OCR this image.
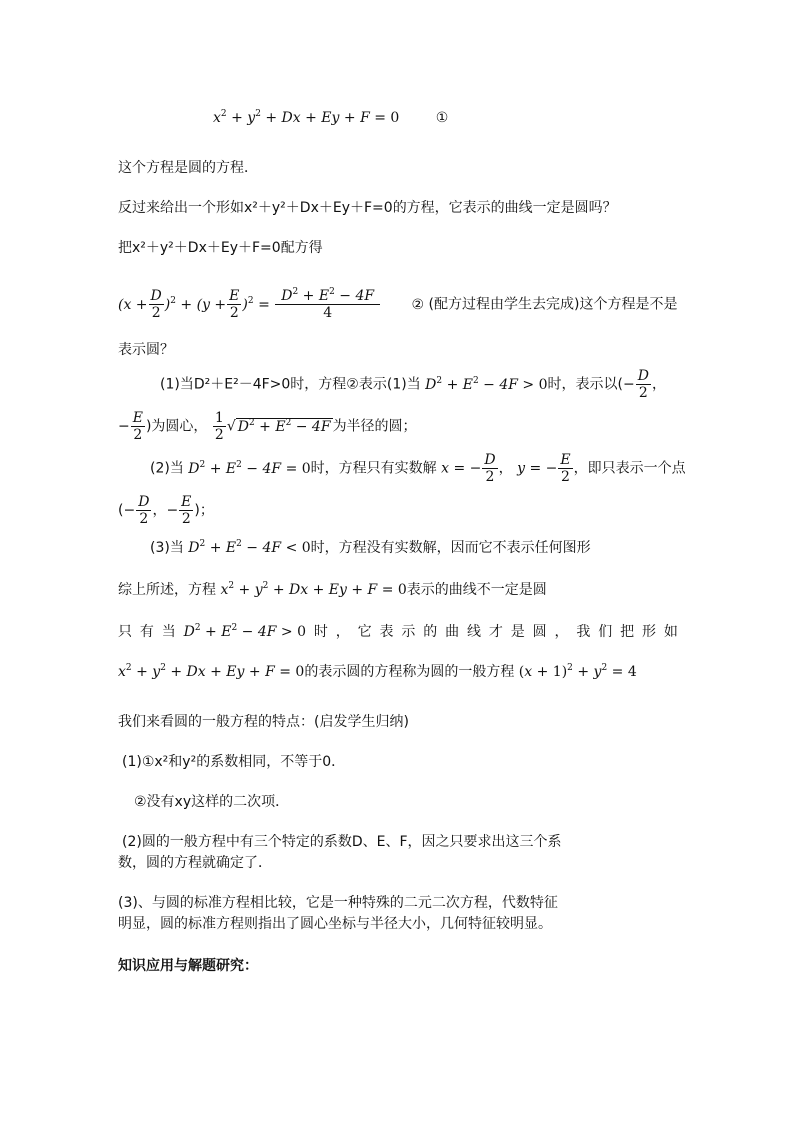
$x^2 + y^2 + Dx + Ey + F = 0$	①
这个方程是圆的方程．
反过来给出一个形如x²＋y²＋Dx＋Ey＋F=0的方程，它表示的曲线一定是圆吗？
把x²＋y²＋Dx＋Ey＋F=0配方得
$(x + \frac{D}{2} )^2 + (y + \frac{E}{2} )^2 = \frac{D^2 + E^2 - 4F}{4}$ ② (配方过程由学生去完成)这个方程是不是
表示圆？
(1)当D²＋E²－4F>0时，方程②表示(1)当 $D^2 + E^2 - 4F > 0$时，表示以(− $\frac{D}{2}$ ，
− $\frac{E}{2}$ )为圆心， $\frac{1}{2}$ √ $D^2 + E^2 - 4F$ 为半径的圆；
(2)当 $D^2 + E^2 - 4F = 0$时，方程只有实数解 x = − $\frac{D}{2}$ ， y = − $\frac{E}{2}$ ，即只表示一个点
(− $\frac{D}{2}$ ，− $\frac{E}{2}$ )；
(3)当 $D^2 + E^2 - 4F < 0$时，方程没有实数解，因而它不表示任何图形
综上所述，方程 $x^2 + y^2 + Dx + Ey + F = 0$表示的曲线不一定是圆
只 有 当 $D^2 + E^2 - 4F > 0$ 时 ， 它 表 示 的 曲 线 才 是 圆 ， 我 们 把 形 如
$x^2 + y^2 + Dx + Ey + F = 0$的表示圆的方程称为圆的一般方程 $(x + 1)^2 + y^2 = 4$
我们来看圆的一般方程的特点：(启发学生归纳)
(1)①x²和y²的系数相同，不等于0．
②没有xy这样的二次项．
(2)圆的一般方程中有三个特定的系数D、E、F，因之只要求出这三个系
数，圆的方程就确定了．
(3)、与圆的标准方程相比较，它是一种特殊的二元二次方程，代数特征
明显，圆的标准方程则指出了圆心坐标与半径大小，几何特征较明显。
知识应用与解题研究：
